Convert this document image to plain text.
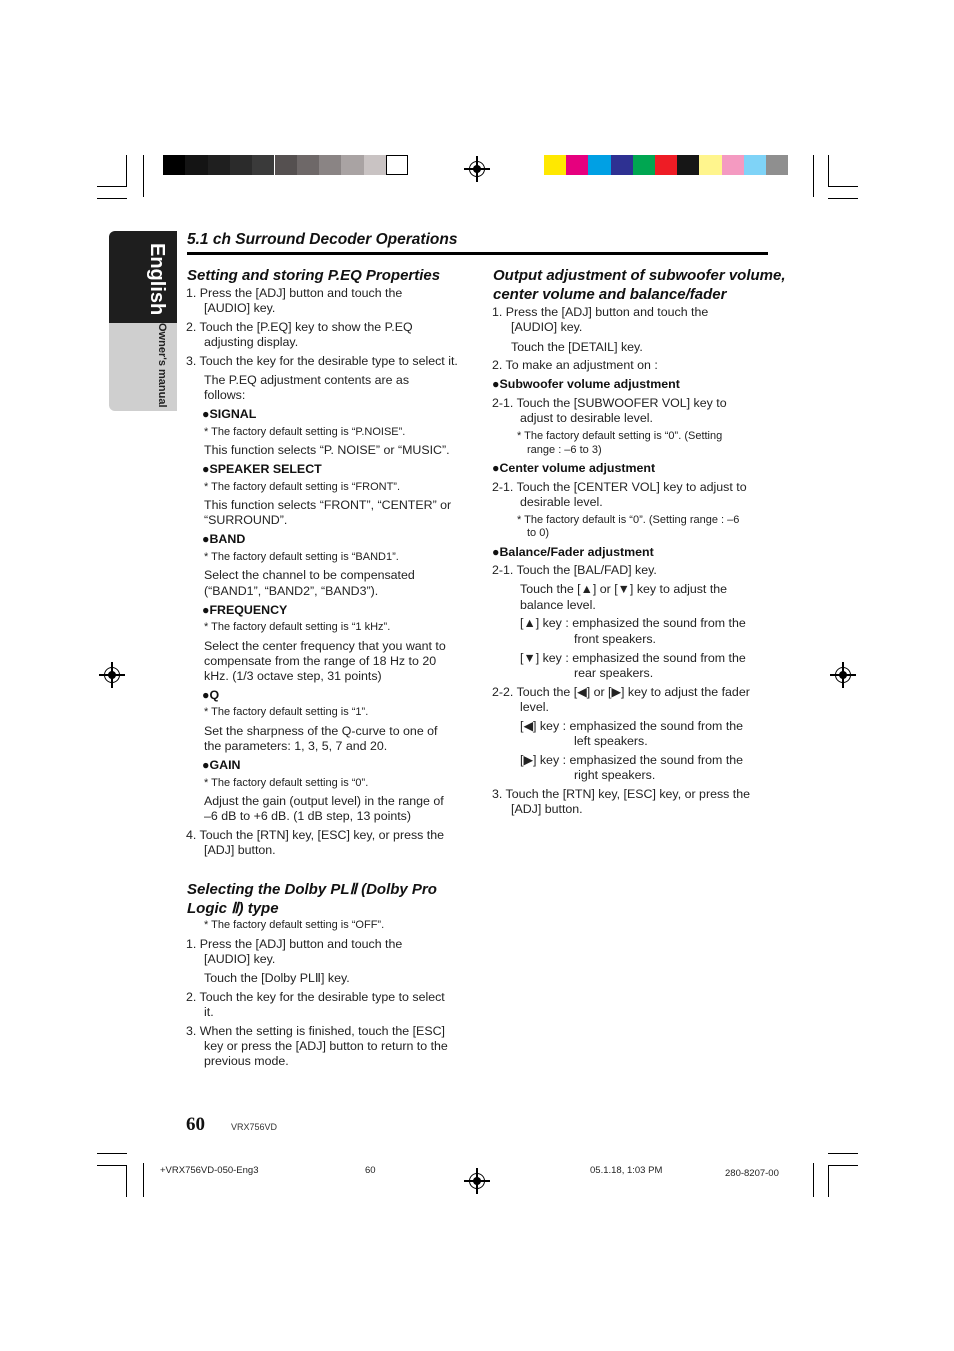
English
Owner's manual
5.1 ch Surround Decoder Operations
Setting and storing P.EQ Properties
1. Press the [ADJ] button and touch the
[AUDIO] key.
2. Touch the [P.EQ] key to show the P.EQ
adjusting display.
3. Touch the key for the desirable type to select it.
The P.EQ adjustment contents are as
follows:
●SIGNAL
* The factory default setting is “P.NOISE”.
This function selects “P. NOISE” or “MUSIC”.
●SPEAKER SELECT
* The factory default setting is “FRONT”.
This function selects “FRONT”, “CENTER” or
“SURROUND”.
●BAND
* The factory default setting is “BAND1”.
Select the channel to be compensated
(“BAND1”, “BAND2”, “BAND3”).
●FREQUENCY
* The factory default setting is “1 kHz”.
Select the center frequency that you want to
compensate from the range of 18 Hz to 20
kHz. (1/3 octave step, 31 points)
●Q
* The factory default setting is “1”.
Set the sharpness of the Q-curve to one of
the parameters: 1, 3, 5, 7 and 20.
●GAIN
* The factory default setting is “0”.
Adjust the gain (output level) in the range of
–6 dB to +6 dB. (1 dB step, 13 points)
4. Touch the [RTN] key, [ESC] key, or press the
[ADJ] button.
Selecting the Dolby PLⅡ (Dolby Pro
Logic Ⅱ) type
* The factory default setting is “OFF”.
1. Press the [ADJ] button and touch the
[AUDIO] key.
Touch the [Dolby PLⅡ] key.
2. Touch the key for the desirable type to select
it.
3. When the setting is finished, touch the [ESC]
key or press the [ADJ] button to return to the
previous mode.
Output adjustment of subwoofer volume,
center volume and balance/fader
1. Press the [ADJ] button and touch the
[AUDIO] key.
Touch the [DETAIL] key.
2. To make an adjustment on :
●Subwoofer volume adjustment
2-1. Touch the [SUBWOOFER VOL] key to
adjust to desirable level.
* The factory default setting is “0”. (Setting
range : –6 to 3)
●Center volume adjustment
2-1. Touch the [CENTER VOL] key to adjust to
desirable level.
* The factory default is “0”. (Setting range : –6
to 0)
●Balance/Fader adjustment
2-1. Touch the [BAL/FAD] key.
Touch the [▲] or [▼] key to adjust the
balance level.
[▲] key : emphasized the sound from the
front speakers.
[▼] key : emphasized the sound from the
rear speakers.
2-2. Touch the [◀] or [▶] key to adjust the fader
level.
[◀] key : emphasized the sound from the
left speakers.
[▶] key : emphasized the sound from the
right speakers.
3. Touch the [RTN] key, [ESC] key, or press the
[ADJ] button.
60	VRX756VD
+VRX756VD-050-Eng3	60	05.1.18, 1:03 PM	280-8207-00
